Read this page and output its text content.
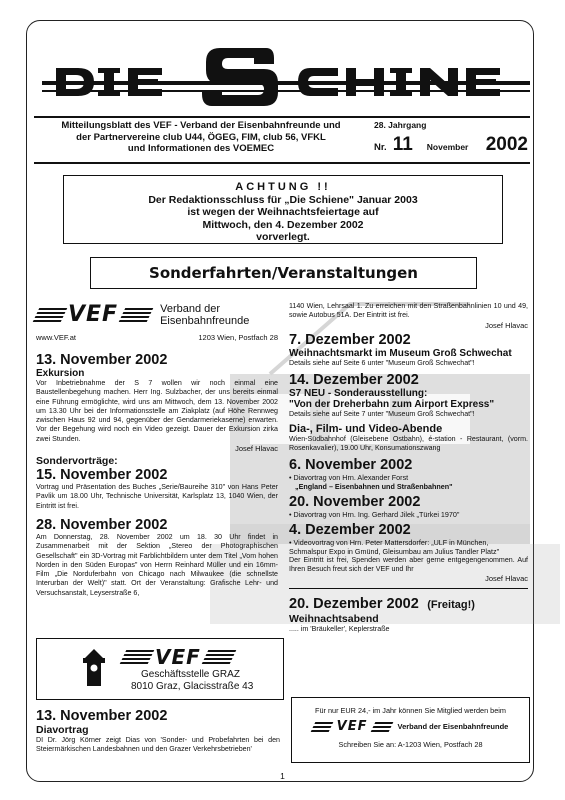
Mitteilungsblatt des VEF - Verband der Eisenbahnfreunde und
der Partnervereine club U44, ÖGEG, FIM, club 56, VFKL
und Informationen des VOEMEC
28. Jahrgang
Nr. 11 November 2002
ACHTUNG !!
Der Redaktionsschluss für „Die Schiene" Januar 2003
ist wegen der Weihnachtsfeiertage auf
Mittwoch, den 4. Dezember 2002
vorverlegt.
Sonderfahrten/Veranstaltungen
VEF	Verband der
Eisenbahnfreunde
www.VEF.at	1203 Wien, Postfach 28
13. November 2002
Exkursion
Vor Inbetriebnahme der S 7 wollen wir noch einmal eine Baustellenbegehung machen. Herr Ing. Sulzbacher, der uns bereits einmal eine Führung ermöglichte, wird uns am Mittwoch, dem 13. November 2002 um 13.30 Uhr bei der Informationsstelle am Ziakplatz (auf Höhe Rennweg zwischen Haus 92 und 94, gegenüber der Gendarmeriekaserne) erwarten. Vor der Begehung wird noch ein Video gezeigt. Dauer der Exkursion zirka zwei Stunden.
Josef Hlavac
Sondervorträge:
15. November 2002
Vortrag und Präsentation des Buches „Serie/Baureihe 310" von Hans Peter Pavlik um 18.00 Uhr, Technische Universität, Karlsplatz 13, 1040 Wien, der Eintritt ist frei.
28. November 2002
Am Donnerstag, 28. November 2002 um 18. 30 Uhr findet in Zusammenarbeit mit der Sektion „Stereo der Photographischen Gesellschaft" ein 3D-Vortrag mit Farblichtbildern unter dem Titel „Vom hohen Norden in den Süden Europas" von Herrn Reinhard Müller und ein 16mm-Film „Die Norduferbahn von Chicago nach Milwaukee (die schnellste Interurban der Welt)" statt. Ort der Veranstaltung: Grafische Lehr- und Versuchsanstalt, Leyserstraße 6,
1140 Wien, Lehrsaal 1. Zu erreichen mit den Straßenbahnlinien 10 und 49, sowie Autobus 51A. Der Eintritt ist frei.
Josef Hlavac
7. Dezember 2002
Weihnachtsmarkt im Museum Groß Schwechat
Details siehe auf Seite 6 unter "Museum Groß Schwechat"!
14. Dezember 2002
S7 NEU - Sonderausstellung:
"Von der Dreherbahn zum Airport Express"
Details siehe auf Seite 7 unter "Museum Groß Schwechat"!
Dia-, Film- und Video-Abende
Wien-Südbahnhof (Gleisebene Ostbahn), é-station - Restaurant, (vorm. Rosenkavalier), 19.00 Uhr, Konsumationszwang
6. November 2002
• Diavortrag von Hrn. Alexander Forst
„England – Eisenbahnen und Straßenbahnen"
20. November 2002
• Diavortrag von Hrn. Ing. Gerhard Jilek „Türkei 1970"
4. Dezember 2002
• Videovortrag von Hrn. Peter Mattersdorfer: „ULF in München, Schmalspur Expo in Gmünd, Gleisumbau am Julius Tandler Platz"
Der Eintritt ist frei, Spenden werden aber gerne entgegengenommen. Auf Ihren Besuch freut sich der VEF und Ihr
Josef Hlavac
20. Dezember 2002 (Freitag!)
Weihnachtsabend
..... im 'Bräukeller', Keplerstraße
VEF
Geschäftsstelle GRAZ
8010 Graz, Glacisstraße 43
13. November 2002
Diavortrag
DI Dr. Jörg Körner zeigt Dias von 'Sonder- und Probefahrten bei den Steiermärkischen Landesbahnen und den Grazer Verkehrsbetrieben'
Für nur EUR 24,- im Jahr können Sie Mitglied werden beim
VEF	Verband der Eisenbahnfreunde
Schreiben Sie an: A-1203 Wien, Postfach 28
1
